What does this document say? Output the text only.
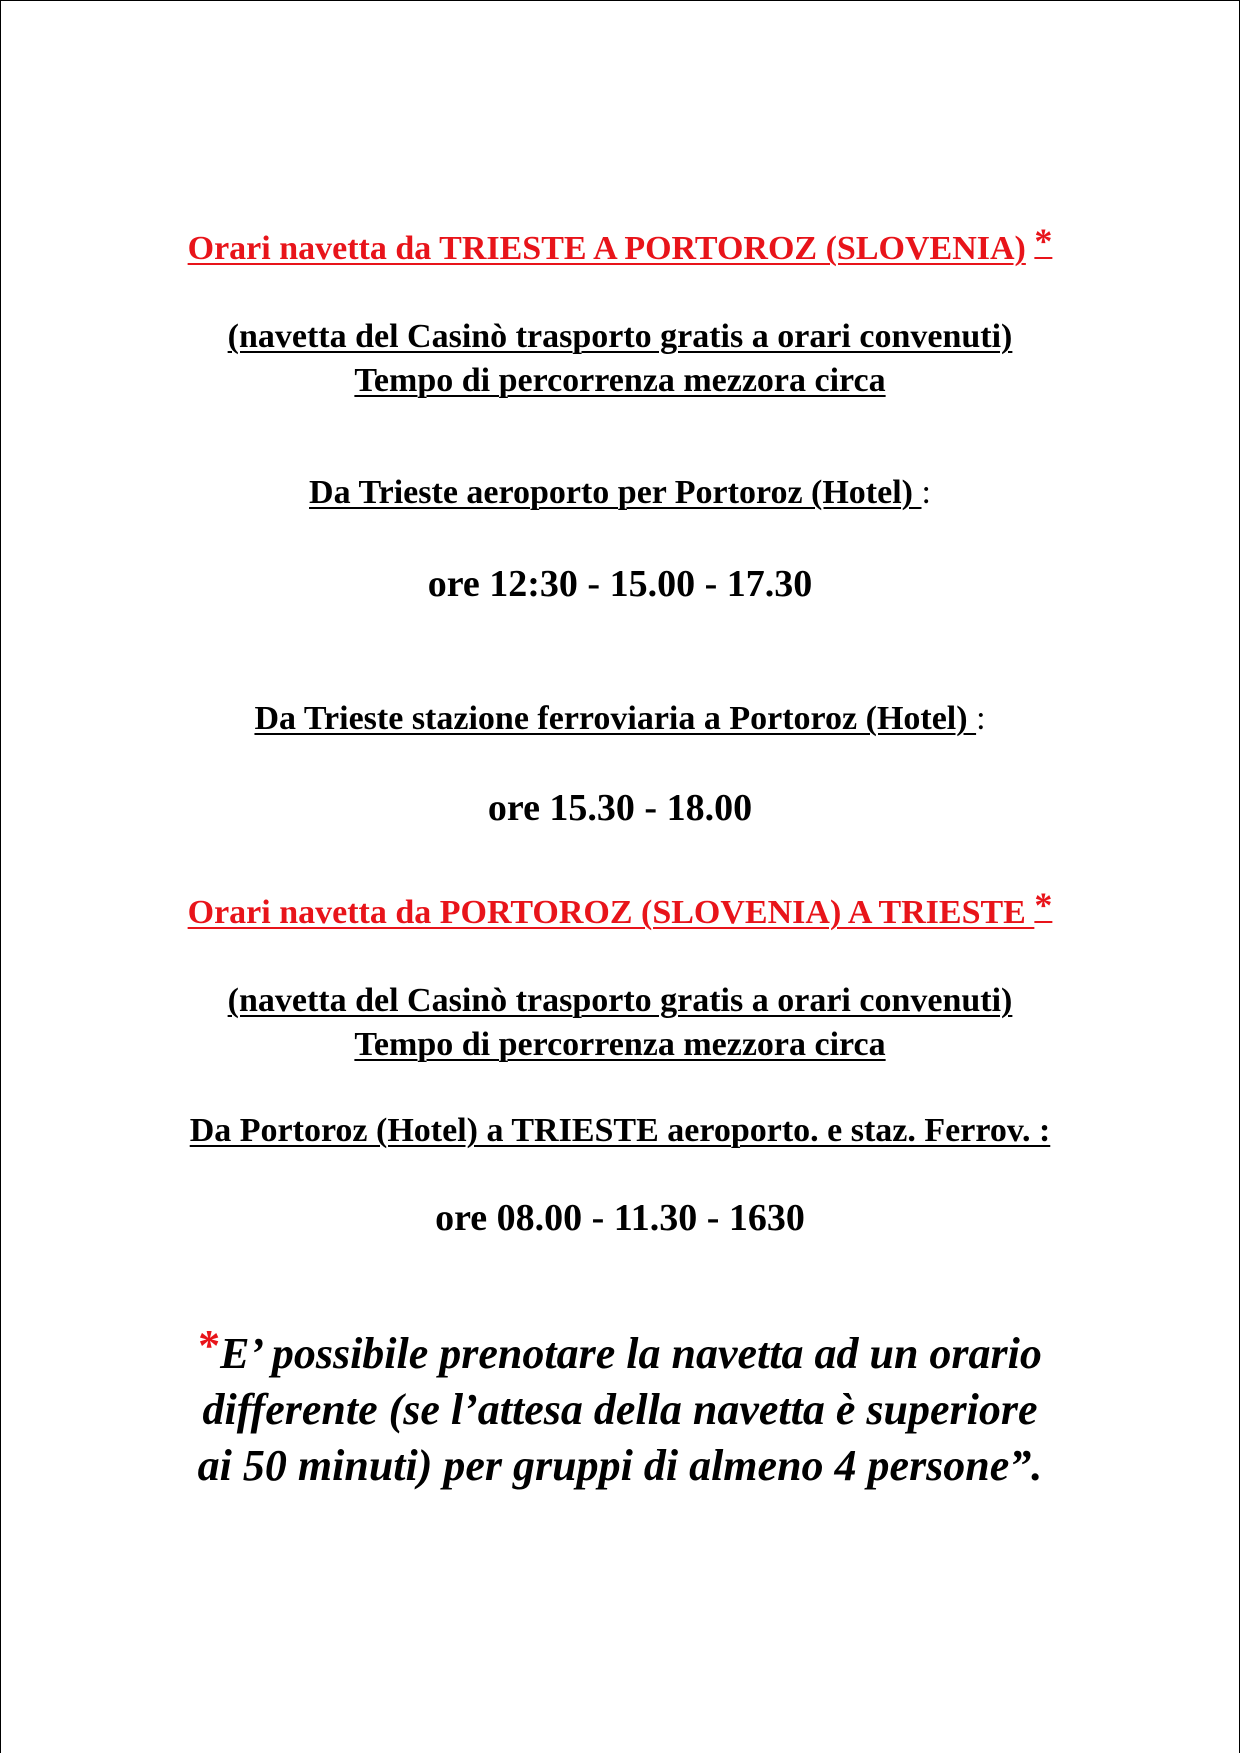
Orari navetta da TRIESTE A PORTOROZ (SLOVENIA) *
(navetta del Casinò trasporto gratis a orari convenuti)
Tempo di percorrenza mezzora circa
Da Trieste aeroporto per Portoroz (Hotel) :
ore 12:30 - 15.00 - 17.30
Da Trieste stazione ferroviaria a Portoroz (Hotel) :
ore 15.30 - 18.00
Orari navetta da PORTOROZ (SLOVENIA) A TRIESTE *
(navetta del Casinò trasporto gratis a orari convenuti)
Tempo di percorrenza mezzora circa
Da Portoroz (Hotel) a TRIESTE aeroporto. e staz. Ferrov. :
ore 08.00 - 11.30 - 1630
*E’ possibile prenotare la navetta ad un orario
differente (se l’attesa della navetta è superiore
ai 50 minuti) per gruppi di almeno 4 persone”.
